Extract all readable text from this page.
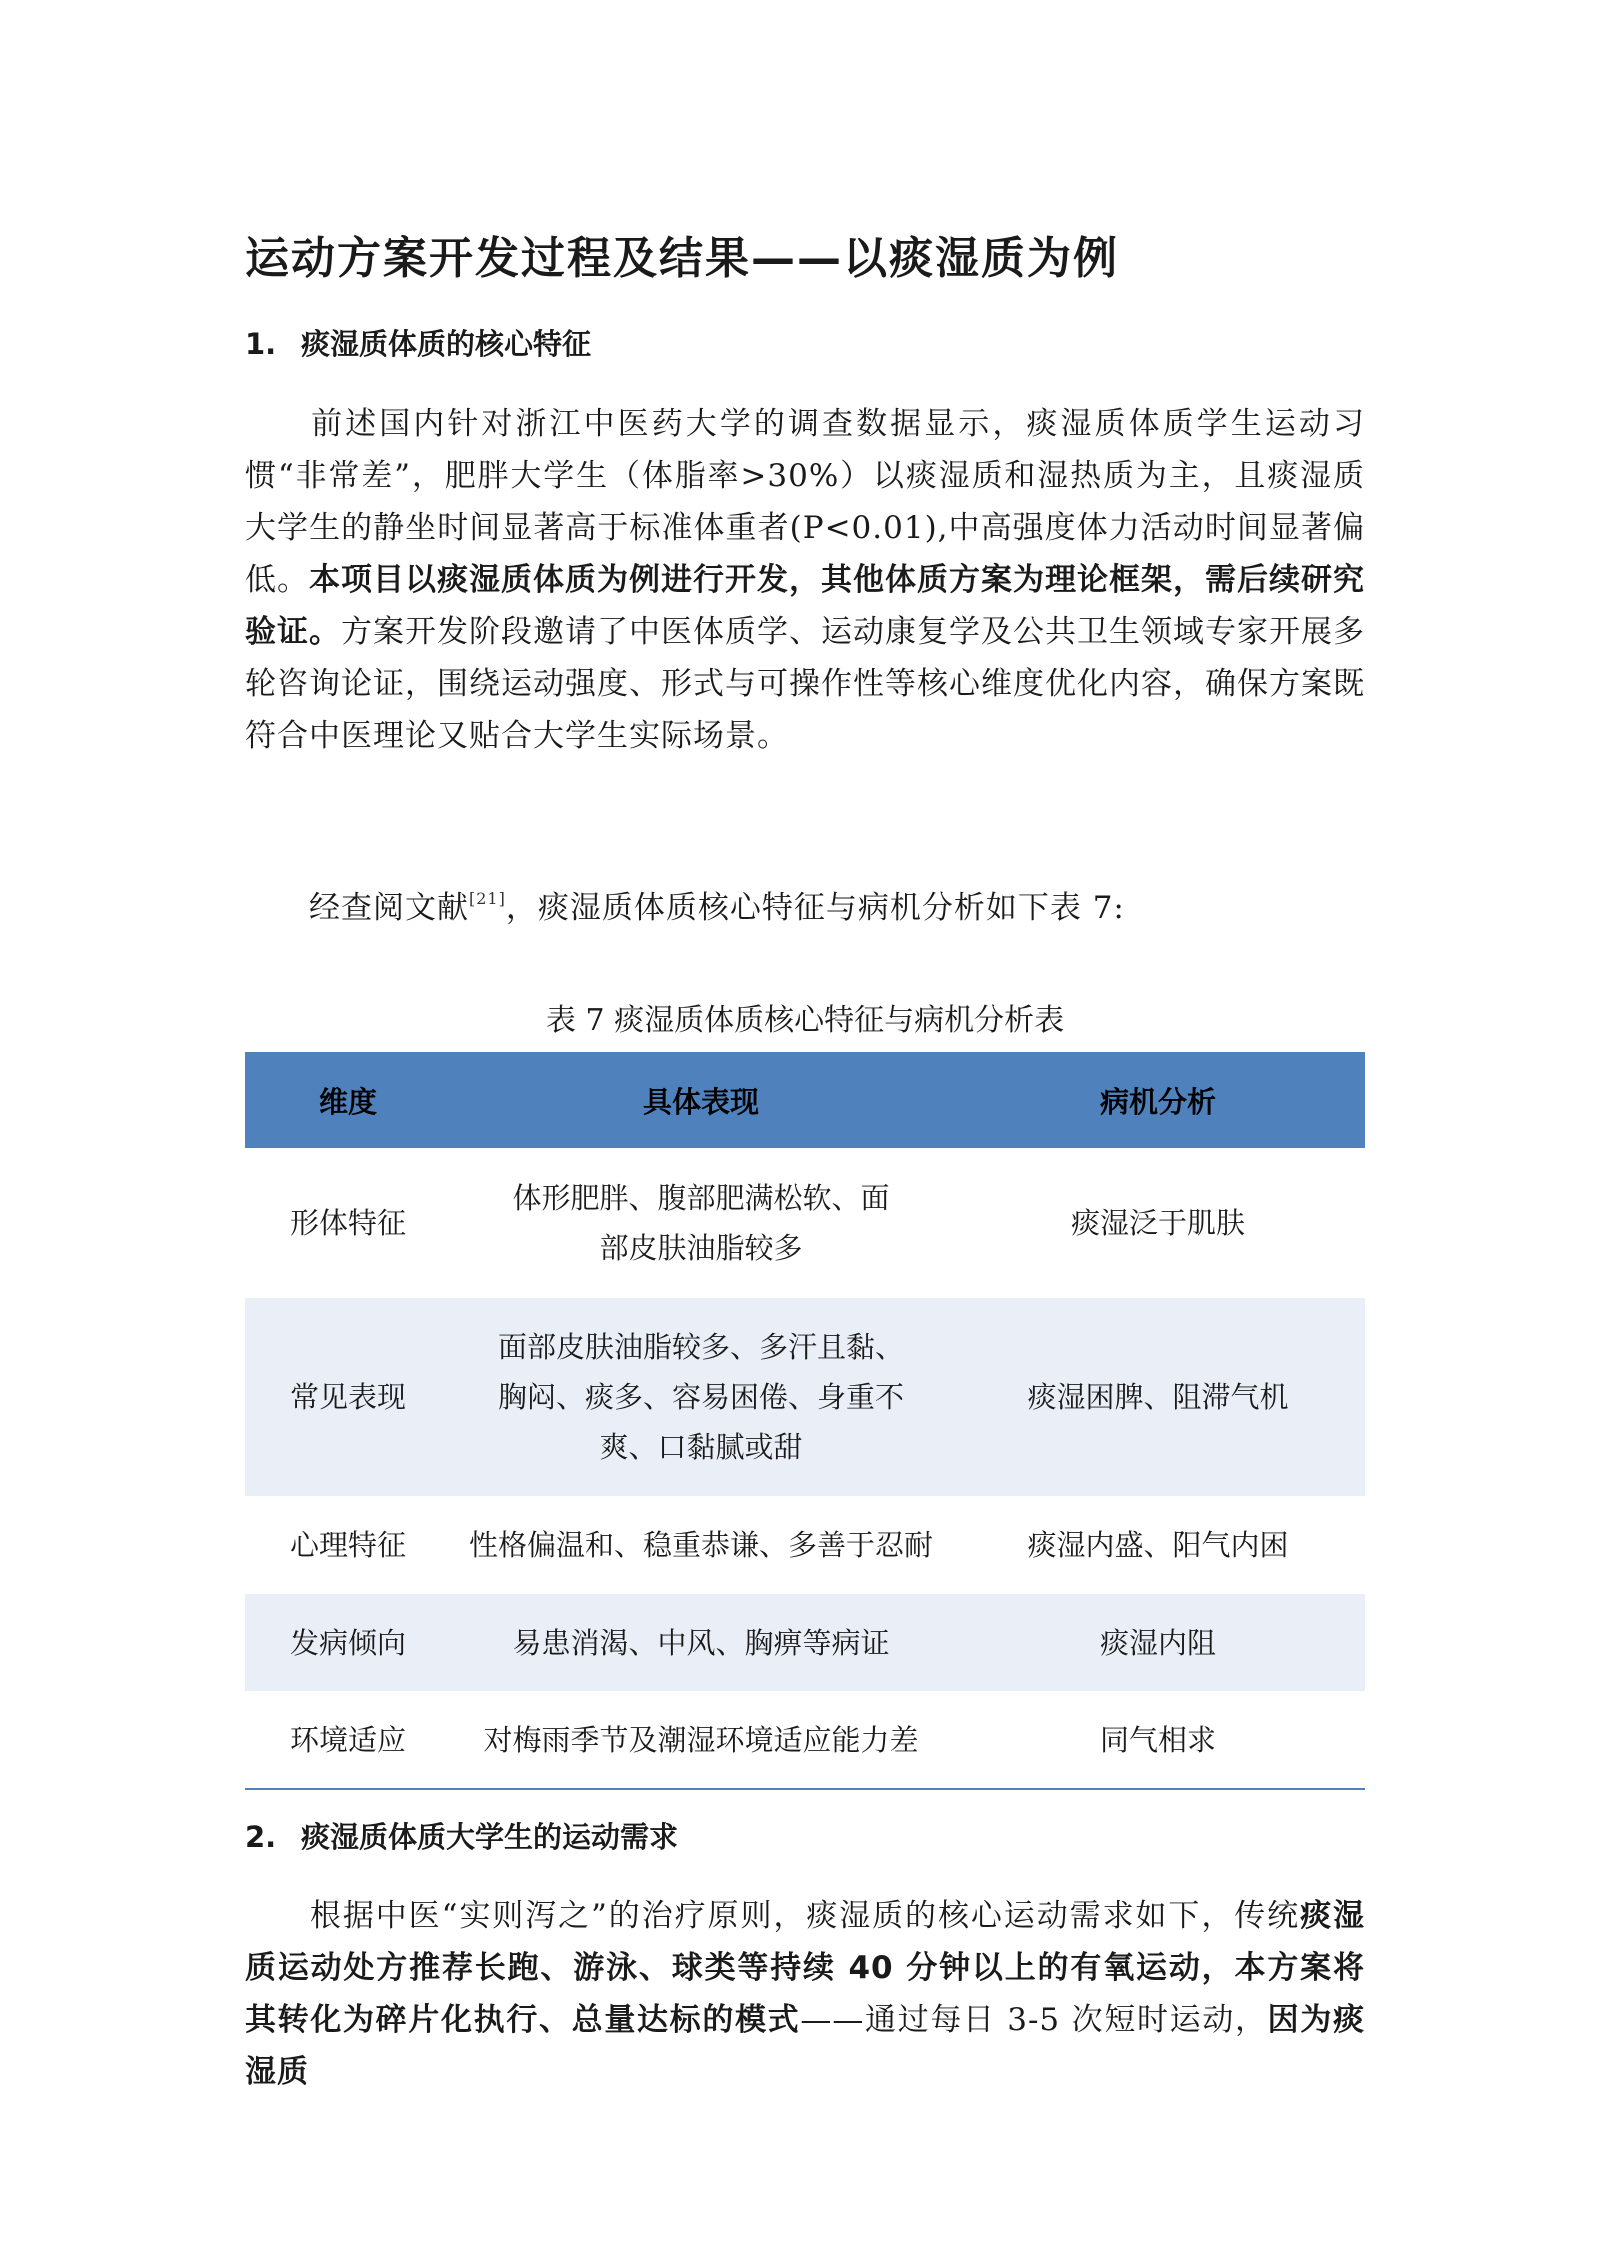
运动方案开发过程及结果——以痰湿质为例
1. 痰湿质体质的核心特征
前述国内针对浙江中医药大学的调查数据显示，痰湿质体质学生运动习惯“非常差”，肥胖大学生（体脂率>30%）以痰湿质和湿热质为主，且痰湿质大学生的静坐时间显著高于标准体重者(P<0.01),中高强度体力活动时间显著偏低。本项目以痰湿质体质为例进行开发，其他体质方案为理论框架，需后续研究验证。方案开发阶段邀请了中医体质学、运动康复学及公共卫生领域专家开展多轮咨询论证，围绕运动强度、形式与可操作性等核心维度优化内容，确保方案既符合中医理论又贴合大学生实际场景。
经查阅文献[21]，痰湿质体质核心特征与病机分析如下表 7:
表 7 痰湿质体质核心特征与病机分析表
维度	具体表现	病机分析
形体特征	体形肥胖、腹部肥满松软、面部皮肤油脂较多	痰湿泛于肌肤
常见表现	面部皮肤油脂较多、多汗且黏、胸闷、痰多、容易困倦、身重不爽、口黏腻或甜	痰湿困脾、阻滞气机
心理特征	性格偏温和、稳重恭谦、多善于忍耐	痰湿内盛、阳气内困
发病倾向	易患消渴、中风、胸痹等病证	痰湿内阻
环境适应	对梅雨季节及潮湿环境适应能力差	同气相求
2. 痰湿质体质大学生的运动需求
根据中医“实则泻之”的治疗原则，痰湿质的核心运动需求如下，传统痰湿质运动处方推荐长跑、游泳、球类等持续 40 分钟以上的有氧运动，本方案将其转化为碎片化执行、总量达标的模式——通过每日 3-5 次短时运动，因为痰湿质
